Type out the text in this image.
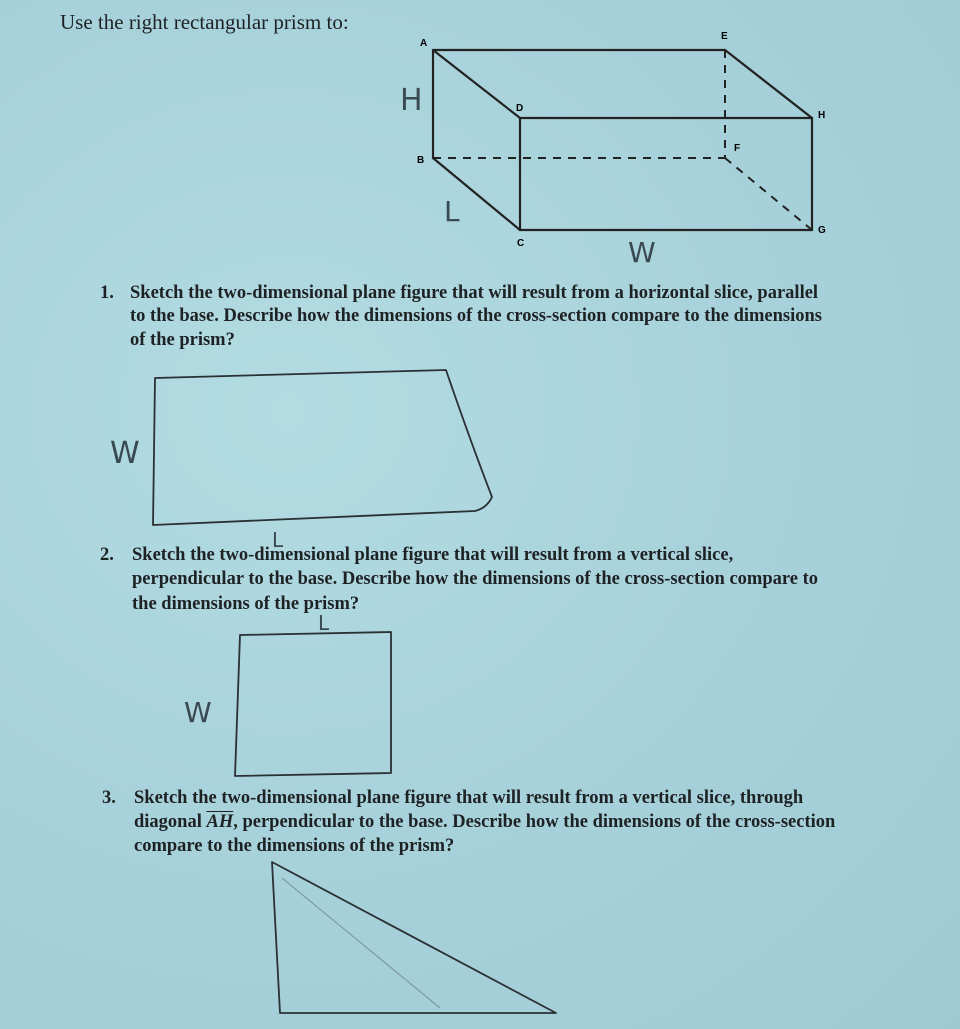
Use the right rectangular prism to:
A
B
C
D
E
F
G
H
H
L
W
1. Sketch the two-dimensional plane figure that will result from a horizontal slice, parallel
to the base. Describe how the dimensions of the cross-section compare to the dimensions
of the prism?
W
L
2. Sketch the two-dimensional plane figure that will result from a vertical slice,
perpendicular to the base. Describe how the dimensions of the cross-section compare to
the dimensions of the prism?
W
L
3. Sketch the two-dimensional plane figure that will result from a vertical slice, through
diagonal $\overline{AH}$, perpendicular to the base. Describe how the dimensions of the cross-section
compare to the dimensions of the prism?
